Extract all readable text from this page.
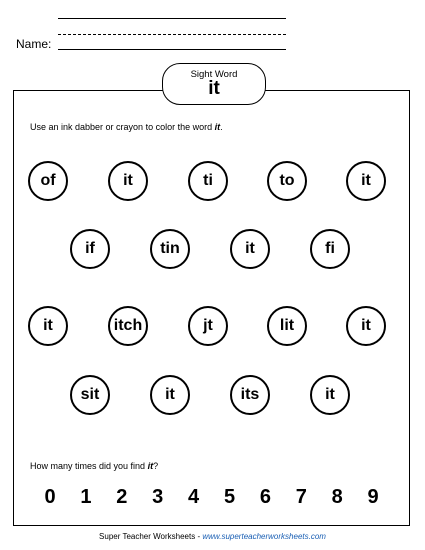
Name:
Sight Word
it
Use an ink dabber or crayon to color the word it.
of	it	ti	to	it
if	tin	it	fi
it	itch	jt	lit	it
sit	it	its	it
How many times did you find it?
0	1	2	3	4	5	6	7	8	9
Super Teacher Worksheets - www.superteacherworksheets.com
